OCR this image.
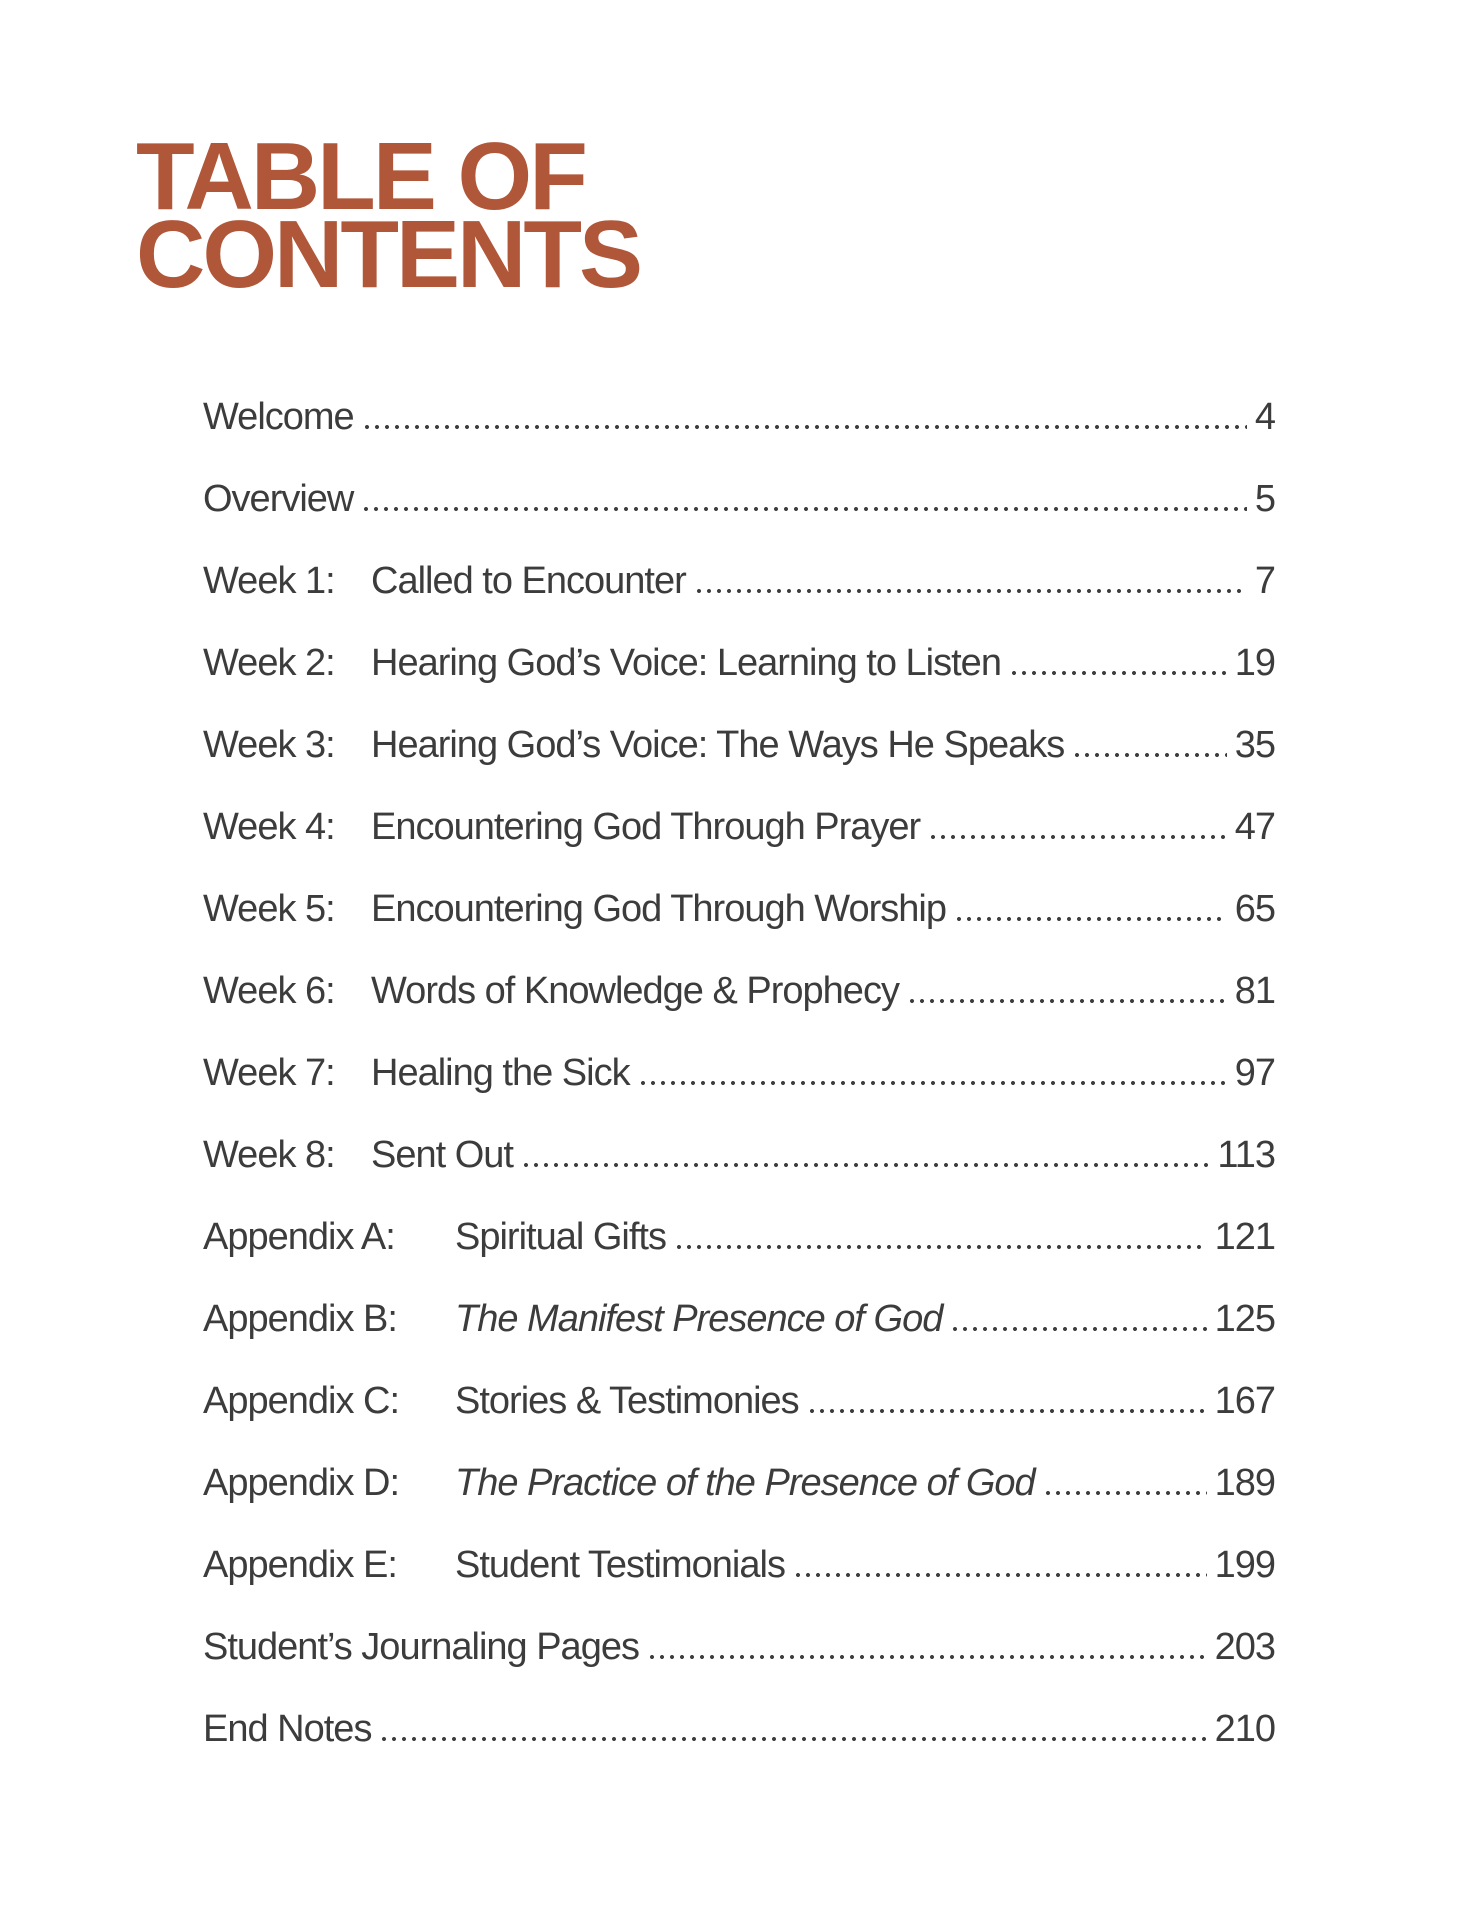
TABLE OF
CONTENTS
Welcome	4
Overview	5
Week 1: Called to Encounter	7
Week 2: Hearing God’s Voice: Learning to Listen	19
Week 3: Hearing God’s Voice: The Ways He Speaks	35
Week 4: Encountering God Through Prayer	47
Week 5: Encountering God Through Worship	65
Week 6: Words of Knowledge & Prophecy	81
Week 7: Healing the Sick	97
Week 8: Sent Out	113
Appendix A:	Spiritual Gifts	121
Appendix B:	The Manifest Presence of God	125
Appendix C:	Stories & Testimonies	167
Appendix D:	The Practice of the Presence of God	189
Appendix E:	Student Testimonials	199
Student’s Journaling Pages	203
End Notes	210
